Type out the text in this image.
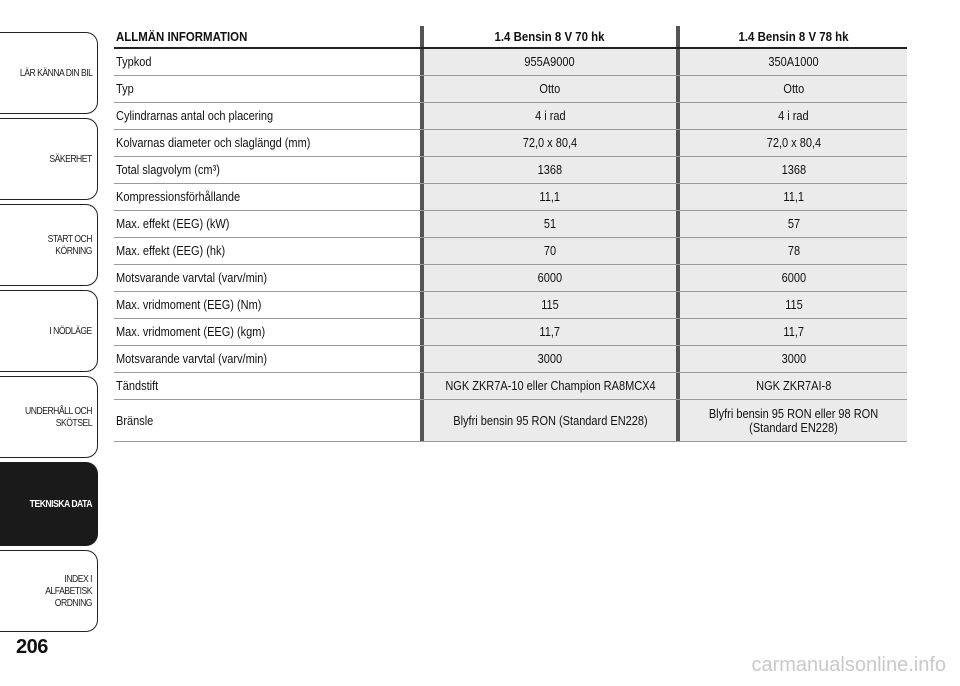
LÄR KÄNNA DIN BIL
SÄKERHET
START OCH KÖRNING
I NÖDLÄGE
UNDERHÅLL OCH SKÖTSEL
TEKNISKA DATA
INDEX I ALFABETISK ORDNING
206
ALLMÄN INFORMATION	1.4 Bensin 8 V 70 hk	1.4 Bensin 8 V 78 hk
Typkod	955A9000	350A1000
Typ	Otto	Otto
Cylindrarnas antal och placering	4 i rad	4 i rad
Kolvarnas diameter och slaglängd (mm)	72,0 x 80,4	72,0 x 80,4
Total slagvolym (cm³)	1368	1368
Kompressionsförhållande	11,1	11,1
Max. effekt (EEG) (kW)	51	57
Max. effekt (EEG) (hk)	70	78
Motsvarande varvtal (varv/min)	6000	6000
Max. vridmoment (EEG) (Nm)	115	115
Max. vridmoment (EEG) (kgm)	11,7	11,7
Motsvarande varvtal (varv/min)	3000	3000
Tändstift	NGK ZKR7A-10 eller Champion RA8MCX4	NGK ZKR7AI-8
Bränsle	Blyfri bensin 95 RON (Standard EN228)	Blyfri bensin 95 RON eller 98 RON (Standard EN228)
carmanualsonline.info
